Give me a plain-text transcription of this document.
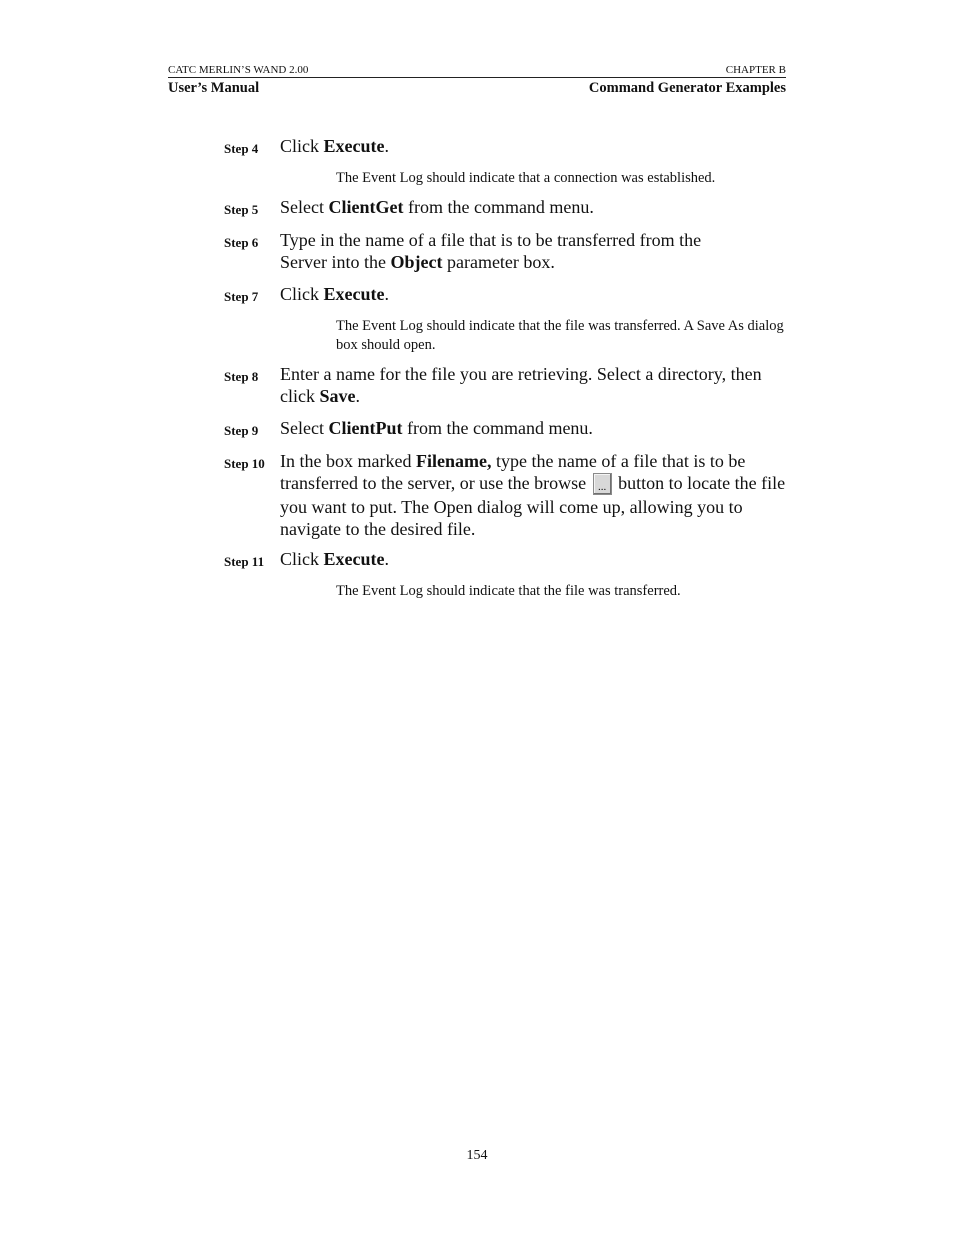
CATC MERLIN’S WAND 2.00	CHAPTER B
User’s Manual	Command Generator Examples
Step 4 Click Execute.
The Event Log should indicate that a connection was established.
Step 5 Select ClientGet from the command menu.
Step 6 Type in the name of a file that is to be transferred from the Server into the Object parameter box.
Step 7 Click Execute.
The Event Log should indicate that the file was transferred. A Save As dialog box should open.
Step 8 Enter a name for the file you are retrieving. Select a directory, then click Save.
Step 9 Select ClientPut from the command menu.
Step 10 In the box marked Filename, type the name of a file that is to be transferred to the server, or use the browse ... button to locate the file you want to put. The Open dialog will come up, allowing you to navigate to the desired file.
Step 11 Click Execute.
The Event Log should indicate that the file was transferred.
154
